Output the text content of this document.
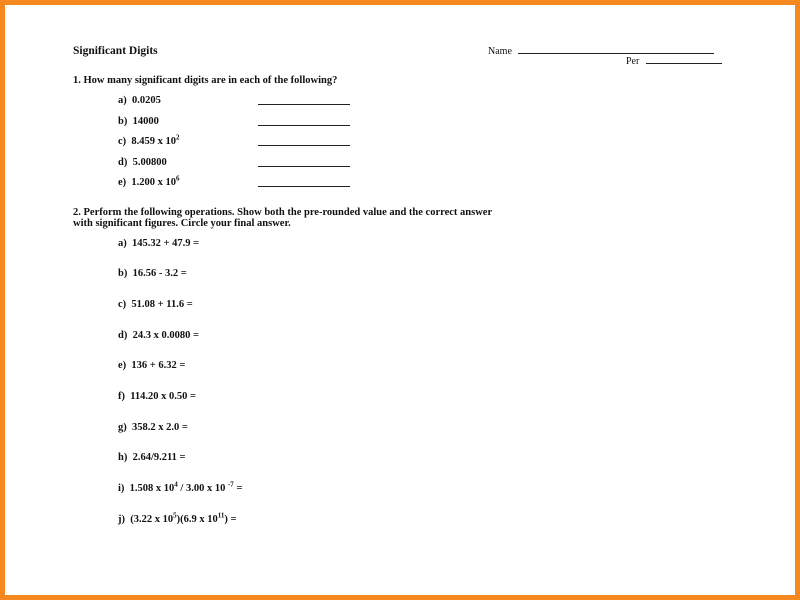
Significant Digits	Name
Per
1. How many significant digits are in each of the following?
a) 0.0205
b) 14000
c) 8.459 x $10^2$
d) 5.00800
e) 1.200 x $10^6$
2. Perform the following operations. Show both the pre-rounded value and the correct answer
with significant figures. Circle your final answer.
a) 145.32 + 47.9 =
b) 16.56 - 3.2 =
c) 51.08 + 11.6 =
d) 24.3 x 0.0080 =
e) 136 + 6.32 =
f) 114.20 x 0.50 =
g) 358.2 x 2.0 =
h) 2.64/9.211 =
i) 1.508 x $10^4 / 3.00$ x 10 $^{-7}$ =
j) (3.22 x $10^5)(6.9$ x $10^{11}$) =
